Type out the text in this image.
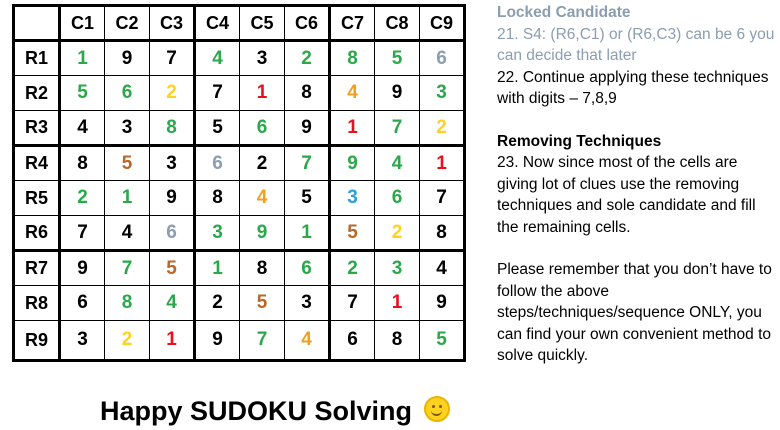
	C1	C2	C3	C4	C5	C6	C7	C8	C9
R1	1	9	7	4	3	2	8	5	6
R2	5	6	2	7	1	8	4	9	3
R3	4	3	8	5	6	9	1	7	2
R4	8	5	3	6	2	7	9	4	1
R5	2	1	9	8	4	5	3	6	7
R6	7	4	6	3	9	1	5	2	8
R7	9	7	5	1	8	6	2	3	4
R8	6	8	4	2	5	3	7	1	9
R9	3	2	1	9	7	4	6	8	5
Happy SUDOKU Solving

Locked Candidate

21. S4: (R6,C1) or (R6,C3) can be 6 you can decide that later

22. Continue applying these techniques with digits – 7,8,9

Removing Techniques

23. Now since most of the cells are giving lot of clues use the removing techniques and sole candidate and fill the remaining cells.

Please remember that you don’t have to follow the above steps/techniques/sequence ONLY, you can find your own convenient method to solve quickly.
